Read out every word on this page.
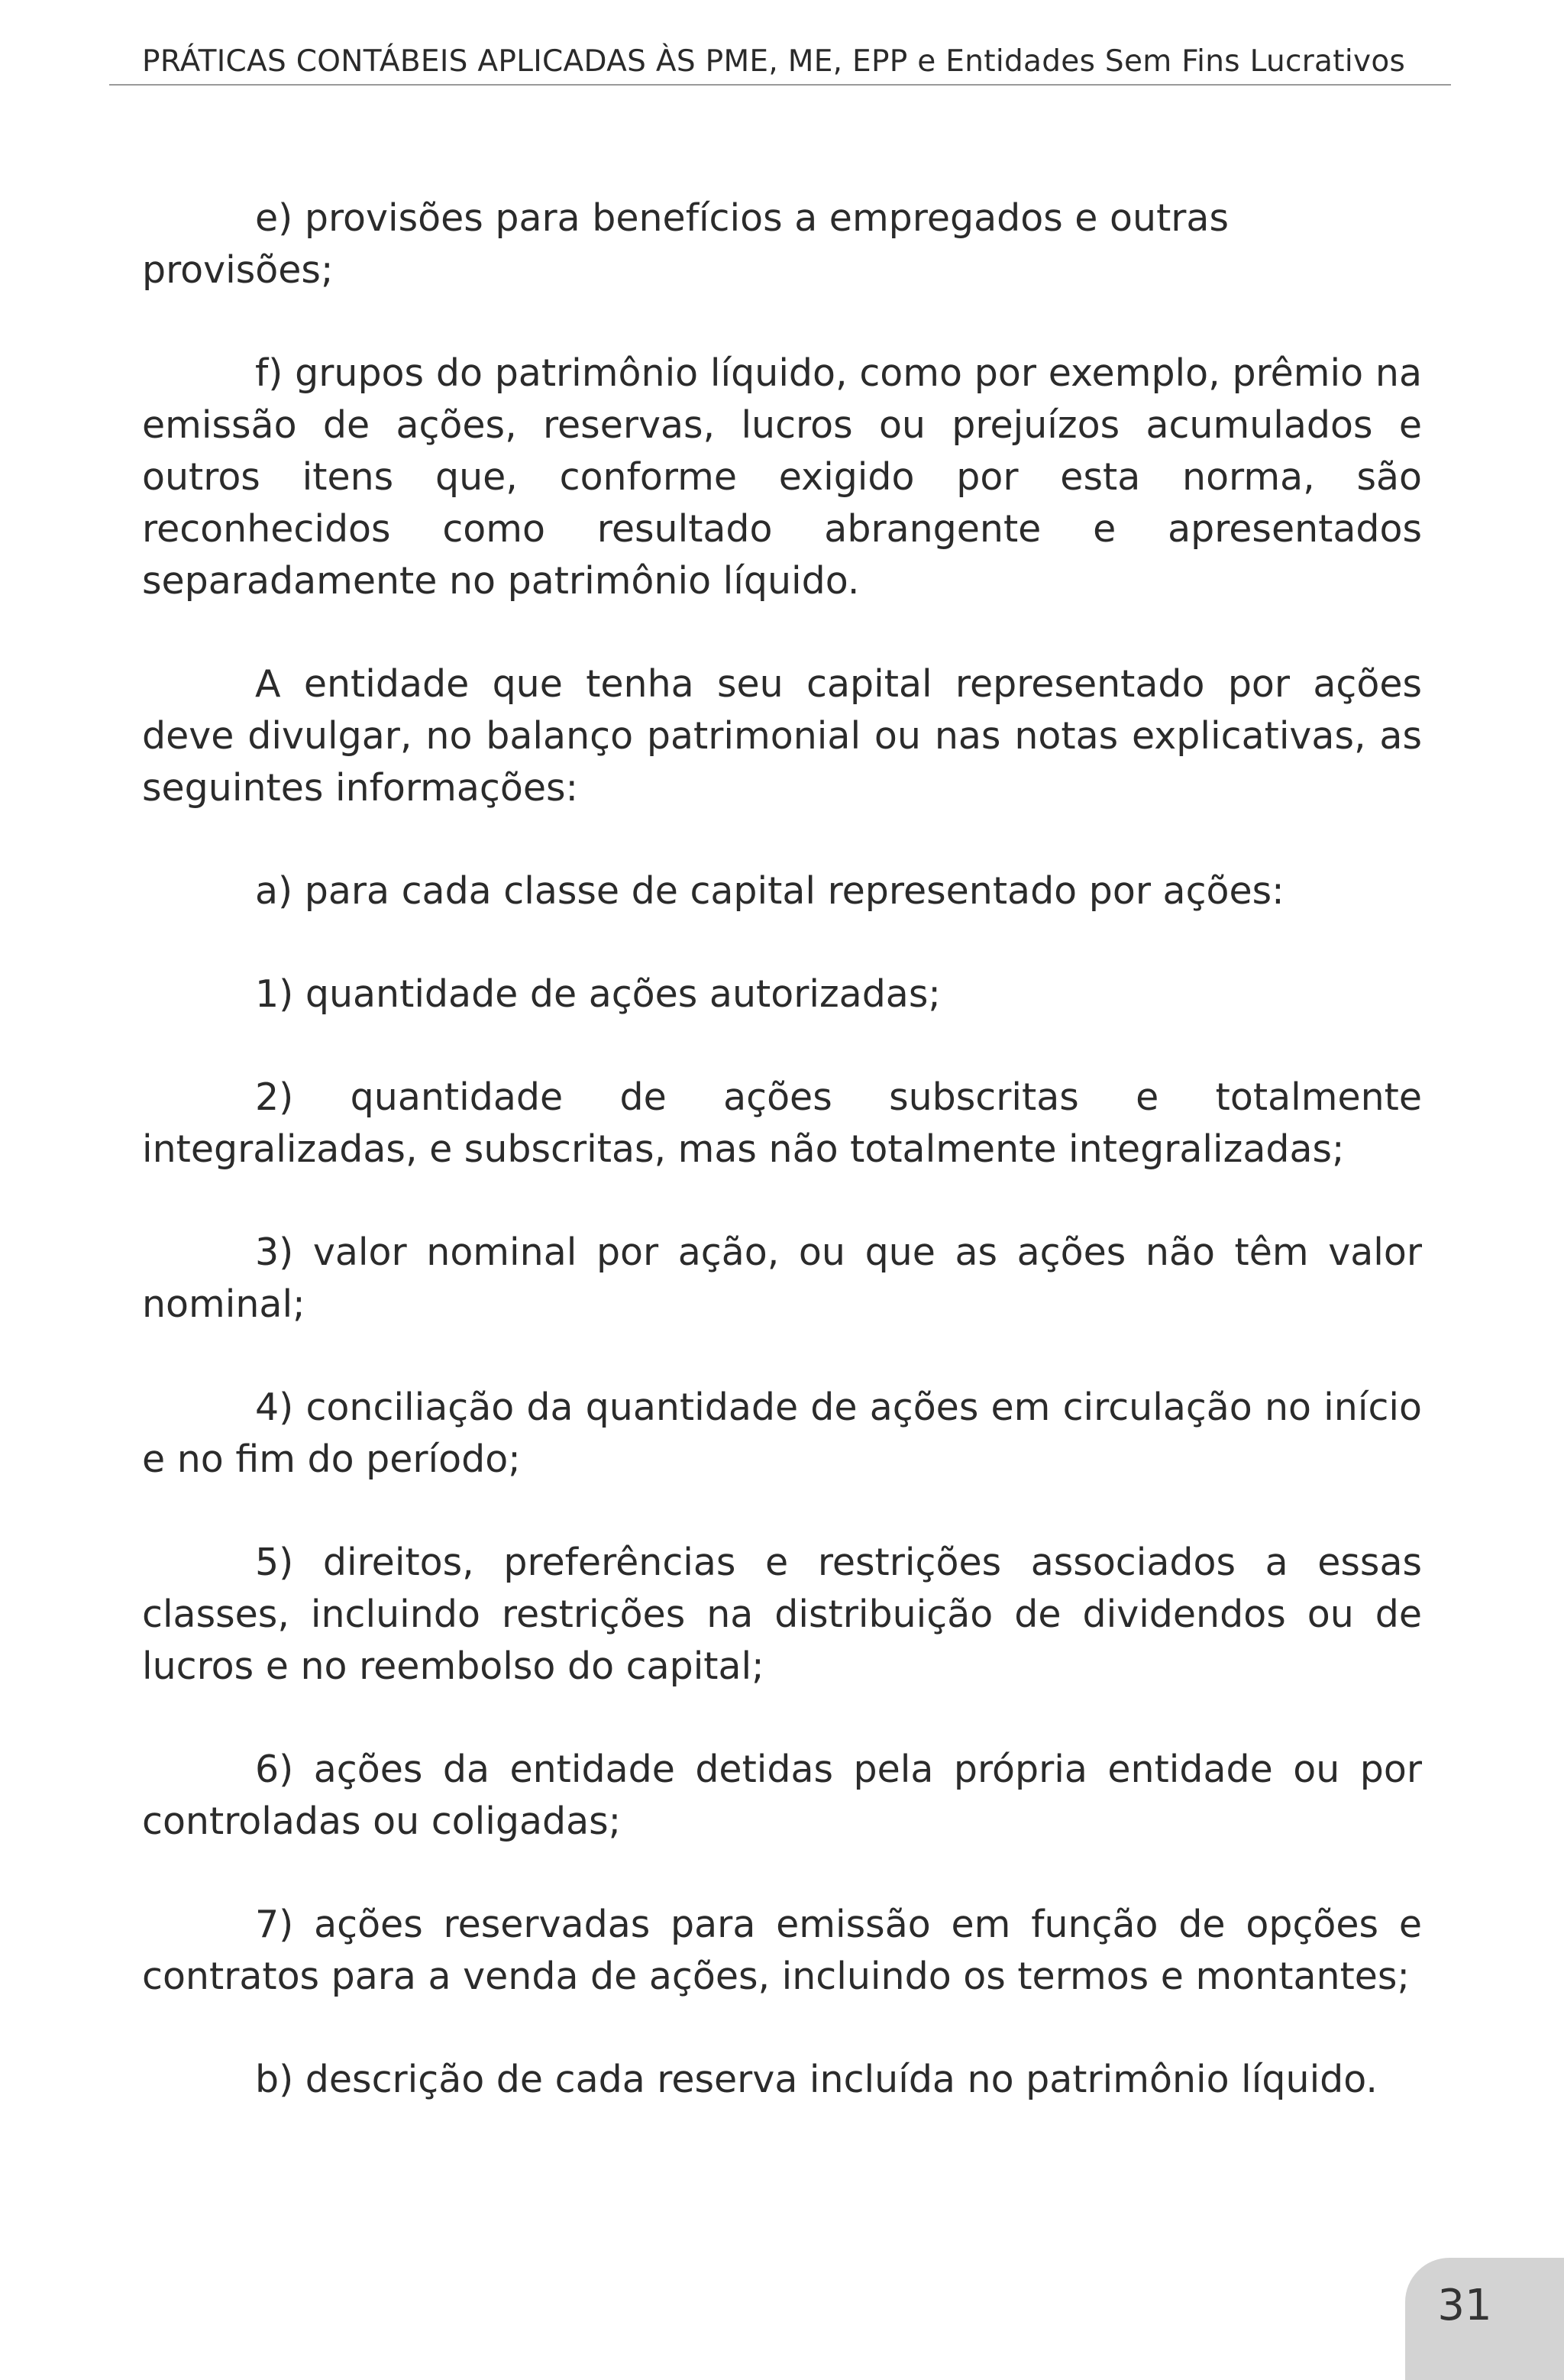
PRÁTICAS CONTÁBEIS APLICADAS ÀS PME, ME, EPP e Entidades Sem Fins Lucrativos

e) provisões para benefícios a empregados e outras provisões;

f) grupos do patrimônio líquido, como por exemplo, prêmio na emissão de ações, reservas, lucros ou prejuízos acumulados e outros itens que, conforme exigido por esta norma, são reconhecidos como resultado abrangente e apresentados separadamente no patrimônio líquido.

A entidade que tenha seu capital representado por ações deve divulgar, no balanço patrimonial ou nas notas explicativas, as seguintes informações:

a) para cada classe de capital representado por ações:

1) quantidade de ações autorizadas;

2) quantidade de ações subscritas e totalmente integralizadas, e subscritas, mas não totalmente integralizadas;

3) valor nominal por ação, ou que as ações não têm valor nominal;

4) conciliação da quantidade de ações em circulação no início e no fim do período;

5) direitos, preferências e restrições associados a essas classes, incluindo restrições na distribuição de dividendos ou de lucros e no reembolso do capital;

6) ações da entidade detidas pela própria entidade ou por controladas ou coligadas;

7) ações reservadas para emissão em função de opções e contratos para a venda de ações, incluindo os termos e montantes;

b) descrição de cada reserva incluída no patrimônio líquido.

31
